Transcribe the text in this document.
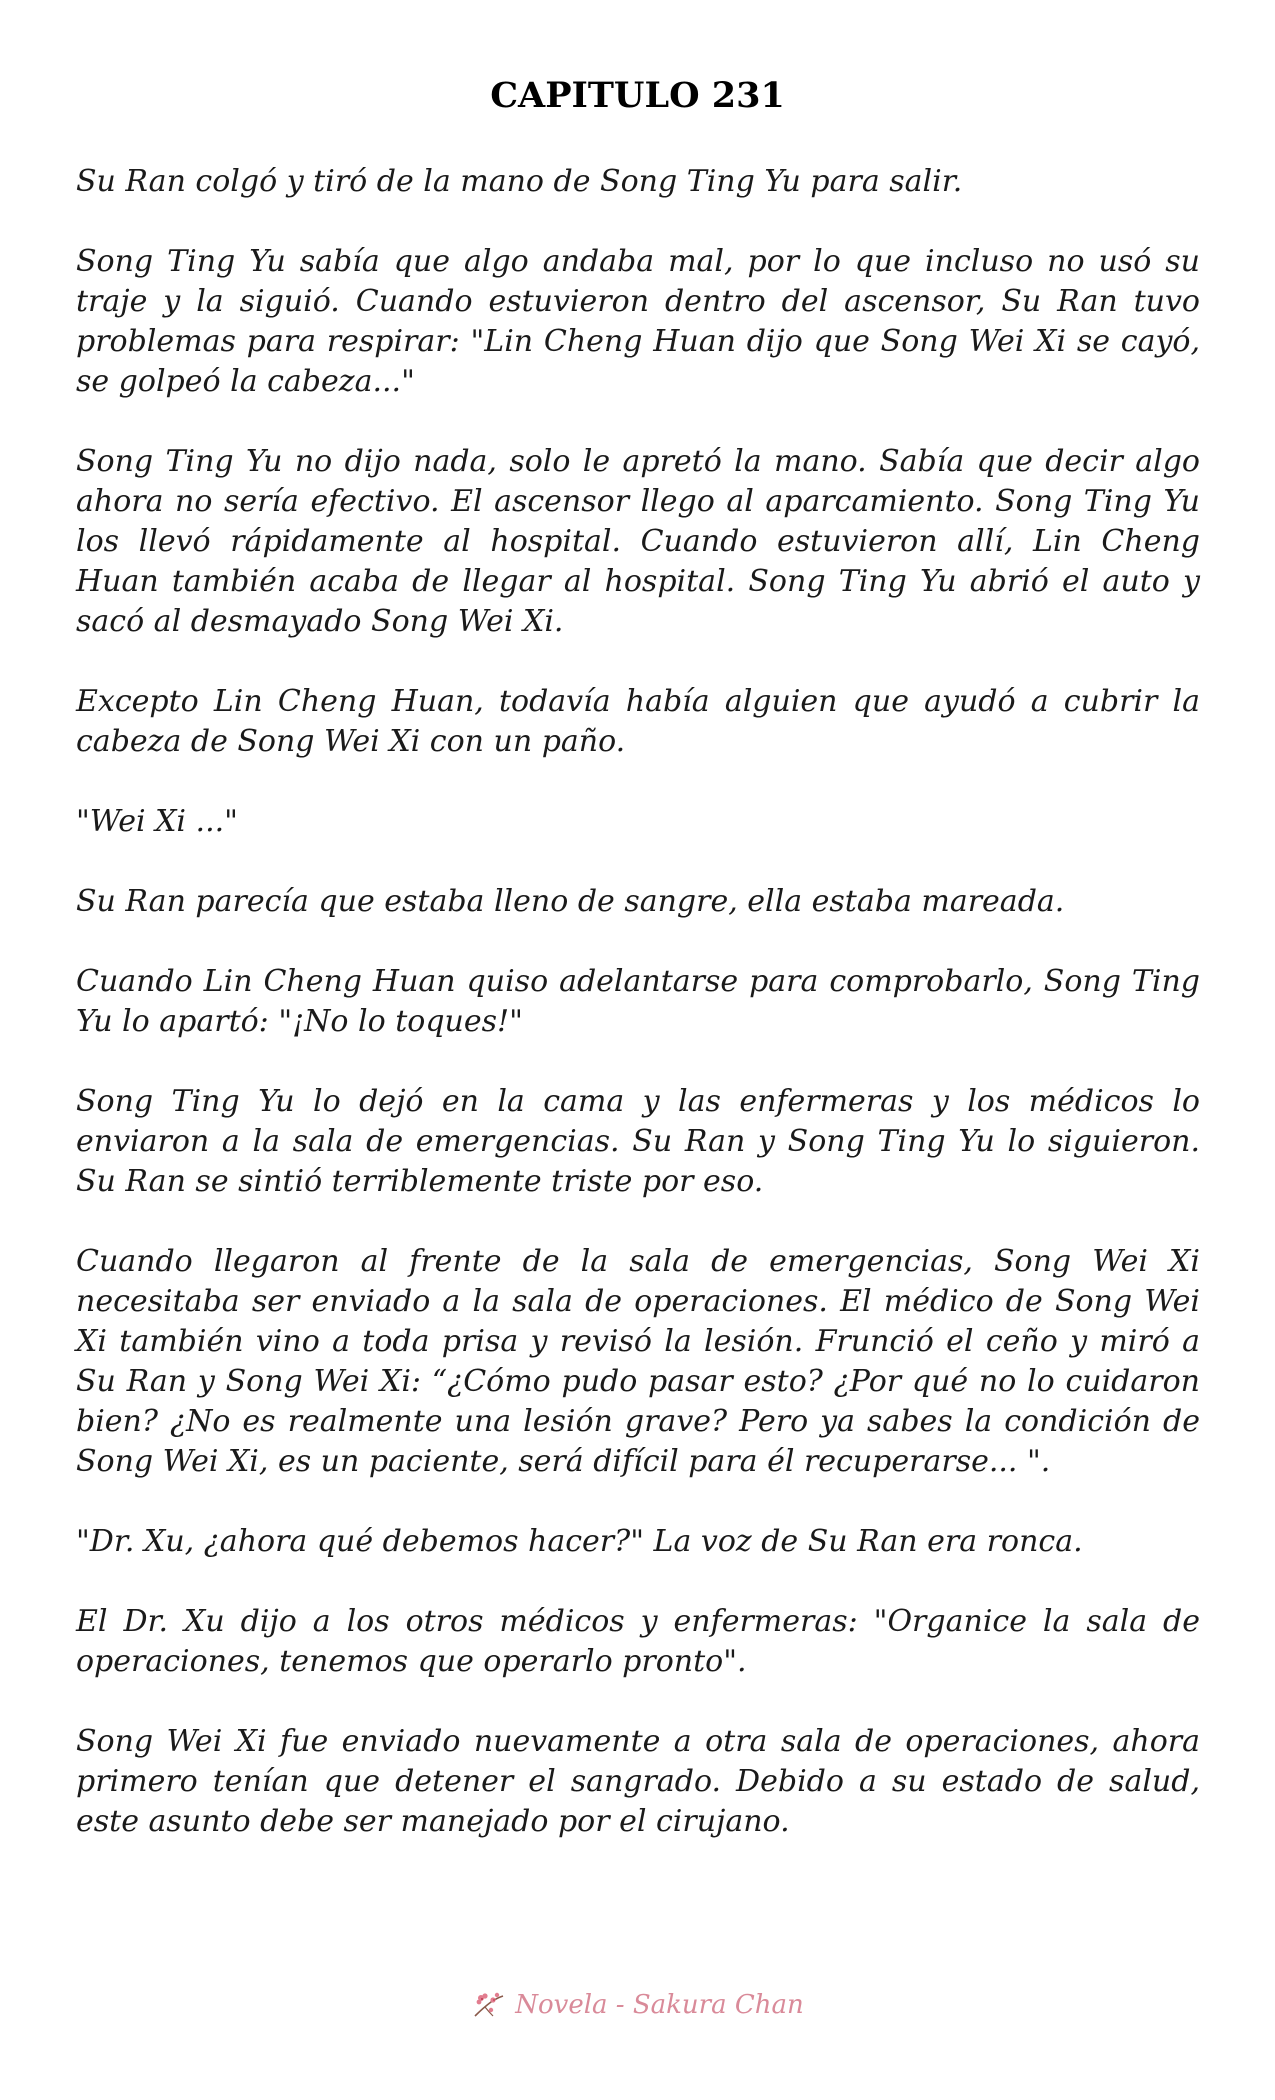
CAPITULO 231

Su Ran colgó y tiró de la mano de Song Ting Yu para salir.

Song Ting Yu sabía que algo andaba mal, por lo que incluso no usó su traje y la siguió. Cuando estuvieron dentro del ascensor, Su Ran tuvo problemas para respirar: "Lin Cheng Huan dijo que Song Wei Xi se cayó, se golpeó la cabeza..."

Song Ting Yu no dijo nada, solo le apretó la mano. Sabía que decir algo ahora no sería efectivo. El ascensor llego al aparcamiento. Song Ting Yu los llevó rápidamente al hospital. Cuando estuvieron allí, Lin Cheng Huan también acaba de llegar al hospital. Song Ting Yu abrió el auto y sacó al desmayado Song Wei Xi.

Excepto Lin Cheng Huan, todavía había alguien que ayudó a cubrir la cabeza de Song Wei Xi con un paño.

"Wei Xi ..."

Su Ran parecía que estaba lleno de sangre, ella estaba mareada.

Cuando Lin Cheng Huan quiso adelantarse para comprobarlo, Song Ting Yu lo apartó: "¡No lo toques!"

Song Ting Yu lo dejó en la cama y las enfermeras y los médicos lo enviaron a la sala de emergencias. Su Ran y Song Ting Yu lo siguieron. Su Ran se sintió terriblemente triste por eso.

Cuando llegaron al frente de la sala de emergencias, Song Wei Xi necesitaba ser enviado a la sala de operaciones. El médico de Song Wei Xi también vino a toda prisa y revisó la lesión. Frunció el ceño y miró a Su Ran y Song Wei Xi: “¿Cómo pudo pasar esto? ¿Por qué no lo cuidaron bien? ¿No es realmente una lesión grave? Pero ya sabes la condición de Song Wei Xi, es un paciente, será difícil para él recuperarse... ".

"Dr. Xu, ¿ahora qué debemos hacer?" La voz de Su Ran era ronca.

El Dr. Xu dijo a los otros médicos y enfermeras: "Organice la sala de operaciones, tenemos que operarlo pronto".

Song Wei Xi fue enviado nuevamente a otra sala de operaciones, ahora primero tenían que detener el sangrado. Debido a su estado de salud, este asunto debe ser manejado por el cirujano.

Novela - Sakura Chan
